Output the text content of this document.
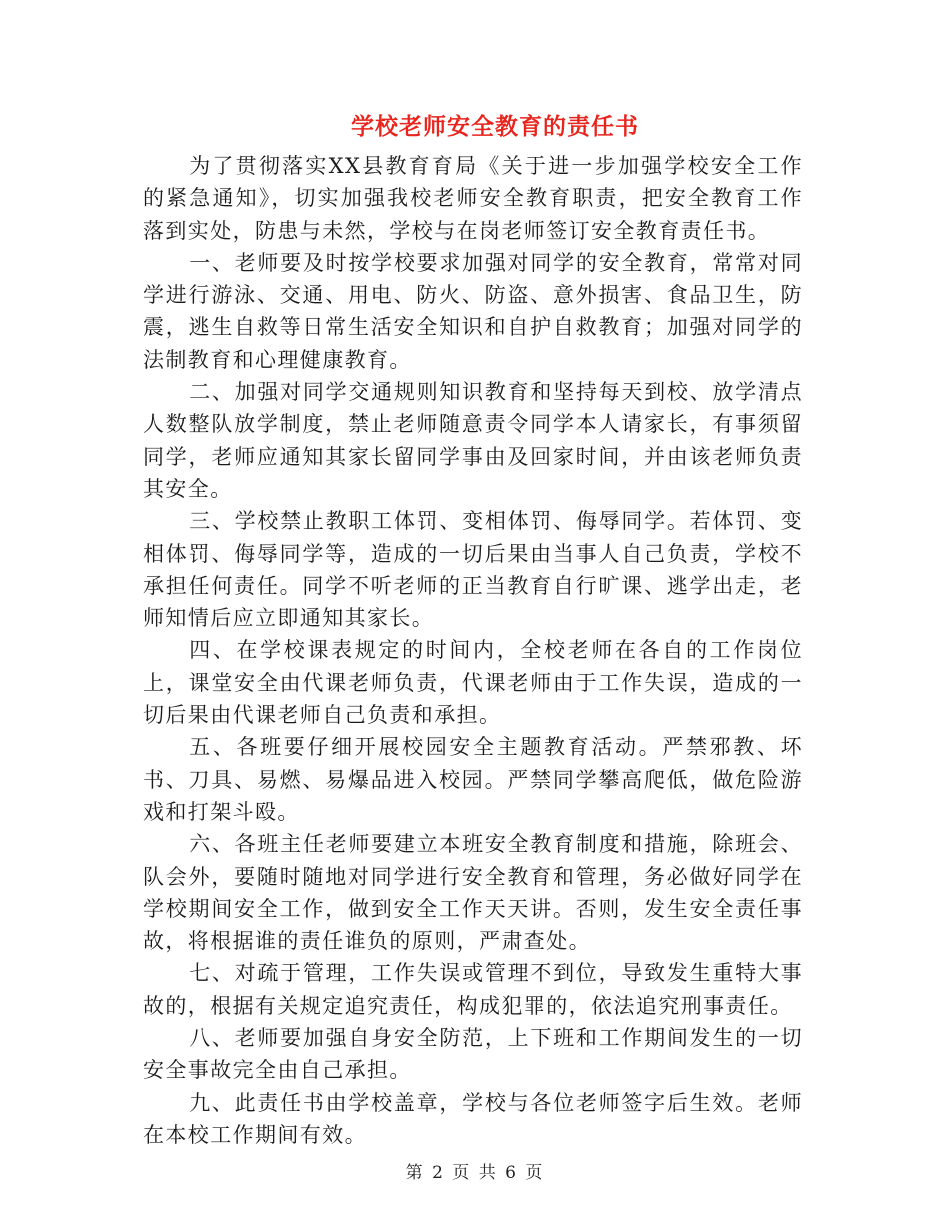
学校老师安全教育的责任书

为了贯彻落实XX县教育育局《关于进一步加强学校安全工作的紧急通知》，切实加强我校老师安全教育职责，把安全教育工作落到实处，防患与未然，学校与在岗老师签订安全教育责任书。

一、老师要及时按学校要求加强对同学的安全教育，常常对同学进行游泳、交通、用电、防火、防盗、意外损害、食品卫生，防震，逃生自救等日常生活安全知识和自护自救教育；加强对同学的法制教育和心理健康教育。

二、加强对同学交通规则知识教育和坚持每天到校、放学清点人数整队放学制度，禁止老师随意责令同学本人请家长，有事须留同学，老师应通知其家长留同学事由及回家时间，并由该老师负责其安全。

三、学校禁止教职工体罚、变相体罚、侮辱同学。若体罚、变相体罚、侮辱同学等，造成的一切后果由当事人自己负责，学校不承担任何责任。同学不听老师的正当教育自行旷课、逃学出走，老师知情后应立即通知其家长。

四、在学校课表规定的时间内，全校老师在各自的工作岗位上，课堂安全由代课老师负责，代课老师由于工作失误，造成的一切后果由代课老师自己负责和承担。

五、各班要仔细开展校园安全主题教育活动。严禁邪教、坏书、刀具、易燃、易爆品进入校园。严禁同学攀高爬低，做危险游戏和打架斗殴。

六、各班主任老师要建立本班安全教育制度和措施，除班会、队会外，要随时随地对同学进行安全教育和管理，务必做好同学在学校期间安全工作，做到安全工作天天讲。否则，发生安全责任事故，将根据谁的责任谁负的原则，严肃查处。

七、对疏于管理，工作失误或管理不到位，导致发生重特大事故的，根据有关规定追究责任，构成犯罪的，依法追究刑事责任。

八、老师要加强自身安全防范，上下班和工作期间发生的一切安全事故完全由自己承担。

九、此责任书由学校盖章，学校与各位老师签字后生效。老师在本校工作期间有效。

第 2 页 共 6 页
